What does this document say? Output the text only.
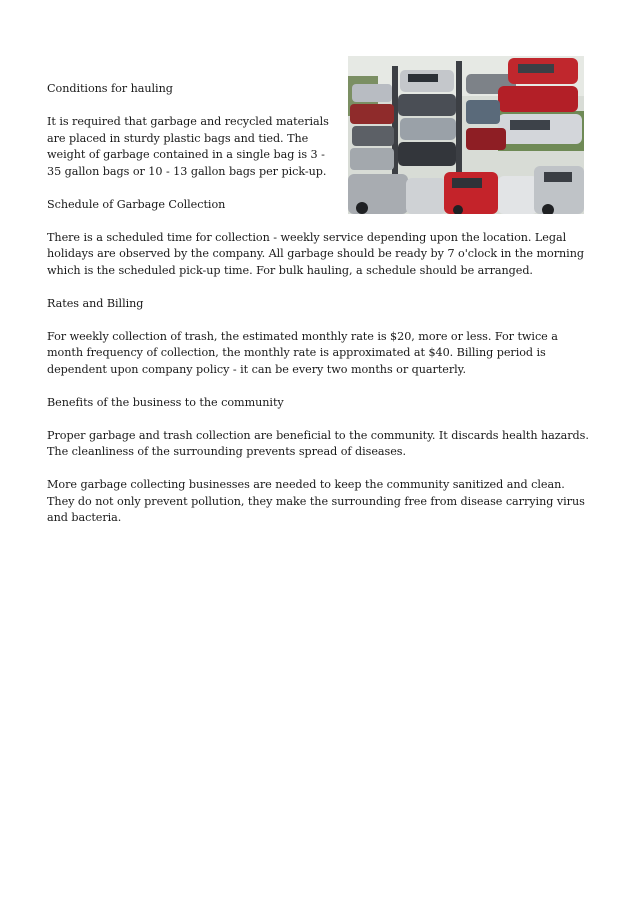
Conditions for hauling

It is required that garbage and recycled materials are placed in sturdy plastic bags and tied. The weight of garbage contained in a single bag is 3 - 35 gallon bags or 10 - 13 gallon bags per pick-up.

Schedule of Garbage Collection

There is a scheduled time for collection - weekly service depending upon the location. Legal holidays are observed by the company. All garbage should be ready by 7 o'clock in the morning which is the scheduled pick-up time. For bulk hauling, a schedule should be arranged.

Rates and Billing

For weekly collection of trash, the estimated monthly rate is $20, more or less. For twice a month frequency of collection, the monthly rate is approximated at $40. Billing period is dependent upon company policy - it can be every two months or quarterly.

Benefits of the business to the community

Proper garbage and trash collection are beneficial to the community. It discards health hazards. The cleanliness of the surrounding prevents spread of diseases.

More garbage collecting businesses are needed to keep the community sanitized and clean. They do not only prevent pollution, they make the surrounding free from disease carrying virus and bacteria.
